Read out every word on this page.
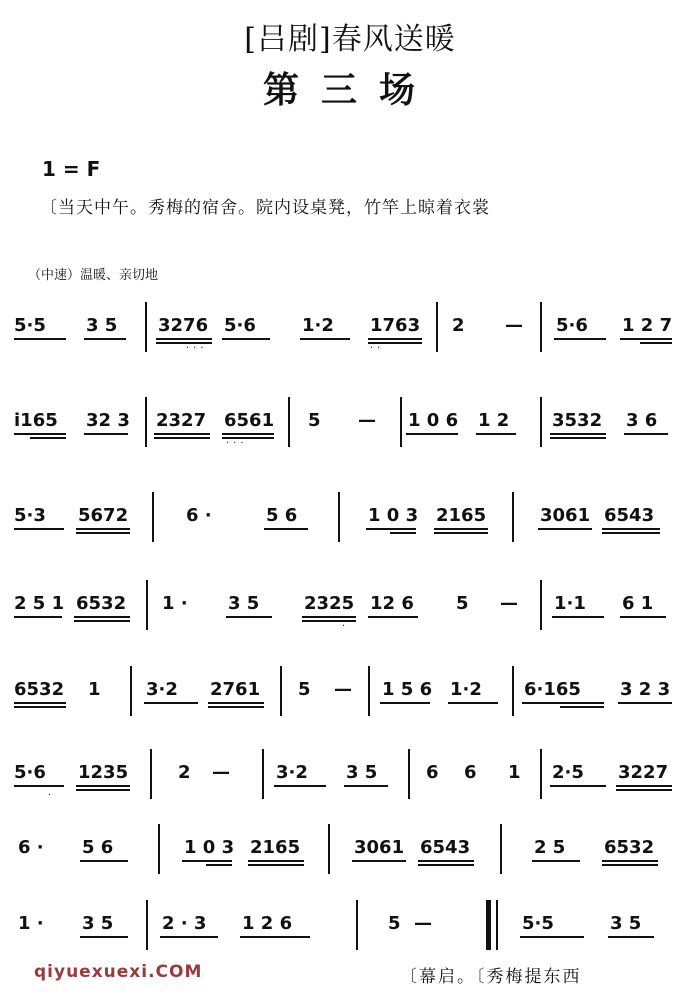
[吕剧]春风送暖
第三场
1 = F
〔当天中午。秀梅的宿舍。院内设桌凳，竹竿上晾着衣裳
（中速）温暖、亲切地
5·5 3 5 3276 5·6
···
1·2 1763
··
2 — 5·6 1 2 7
i165 32 3 2327 6561
···
5 — 1 0 6 1 2 3532 3 6
5·3 5672	6 ·	5 6	1 0 3 2165	3061 6543
2 5 1 6532 1 · 3 5 2325 12 6
·
5 — 1·1 6 1
6532 1	3·2 2761 5 — 1 5 6 1·2 6·165 3 2 3
5·6
·
1235	2 —	3·2 3 5	6 6 1 2·5 3227
6 · 5 6	1 0 3 2165	3061 6543	2 5 6532
1 · 3 5	2 · 3 1 2 6	5 —	5·5	3 5
〔幕启。〔秀梅提东西
qiyuexuexi.COM
